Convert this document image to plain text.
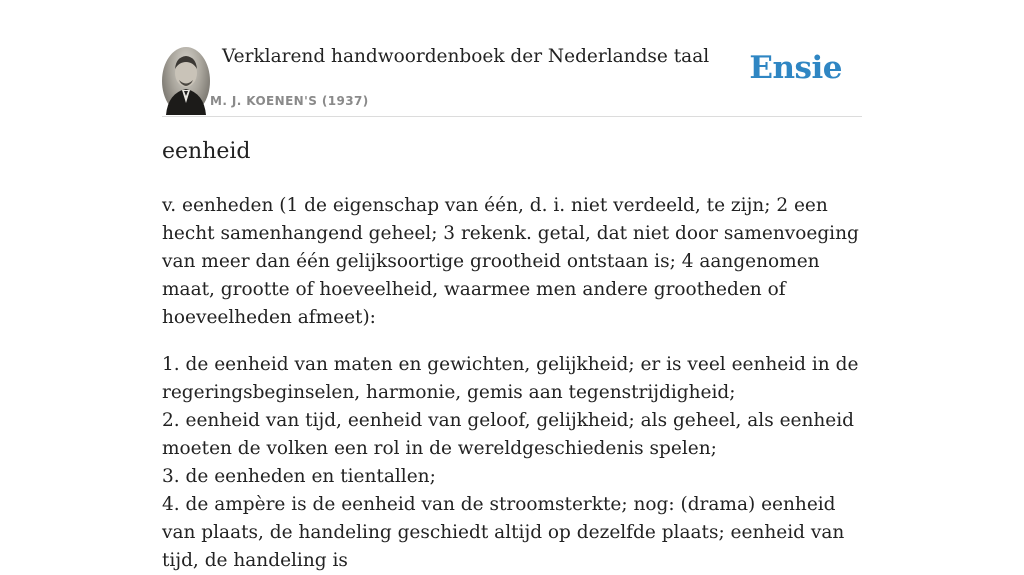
Verklarend handwoordenboek der Nederlandse taal
M. J. KOENEN'S (1937)
Ensie
eenheid

v. eenheden (1 de eigenschap van één, d. i. niet verdeeld, te zijn; 2 een hecht samenhangend geheel; 3 rekenk. getal, dat niet door samenvoeging van meer dan één gelijksoortige grootheid ontstaan is; 4 aangenomen maat, grootte of hoeveelheid, waarmee men andere grootheden of hoeveelheden afmeet):

1. de eenheid van maten en gewichten, gelijkheid; er is veel eenheid in de regeringsbeginselen, harmonie, gemis aan tegenstrijdigheid;
2. eenheid van tijd, eenheid van geloof, gelijkheid; als geheel, als eenheid moeten de volken een rol in de wereldgeschiedenis spelen;
3. de eenheden en tientallen;
4. de ampère is de eenheid van de stroomsterkte; nog: (drama) eenheid van plaats, de handeling geschiedt altijd op dezelfde plaats; eenheid van tijd, de handeling is
